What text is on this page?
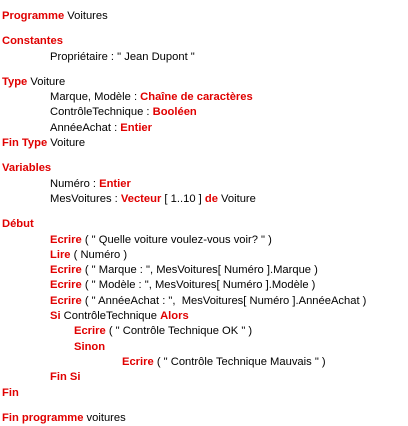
Programme Voitures
Constantes
Propriétaire : " Jean Dupont "
Type Voiture
Marque, Modèle : Chaîne de caractères
ContrôleTechnique : Booléen
AnnéeAchat : Entier
Fin Type Voiture
Variables
Numéro : Entier
MesVoitures : Vecteur [ 1..10 ] de Voiture
Début
Ecrire ( " Quelle voiture voulez-vous voir? " )
Lire ( Numéro )
Ecrire ( " Marque : ", MesVoitures[ Numéro ].Marque )
Ecrire ( " Modèle : ", MesVoitures[ Numéro ].Modèle )
Ecrire ( " AnnéeAchat : ",  MesVoitures[ Numéro ].AnnéeAchat )
Si ContrôleTechnique Alors
Ecrire ( " Contrôle Technique OK " )
Sinon
Ecrire ( " Contrôle Technique Mauvais " )
Fin Si
Fin
Fin programme voitures
